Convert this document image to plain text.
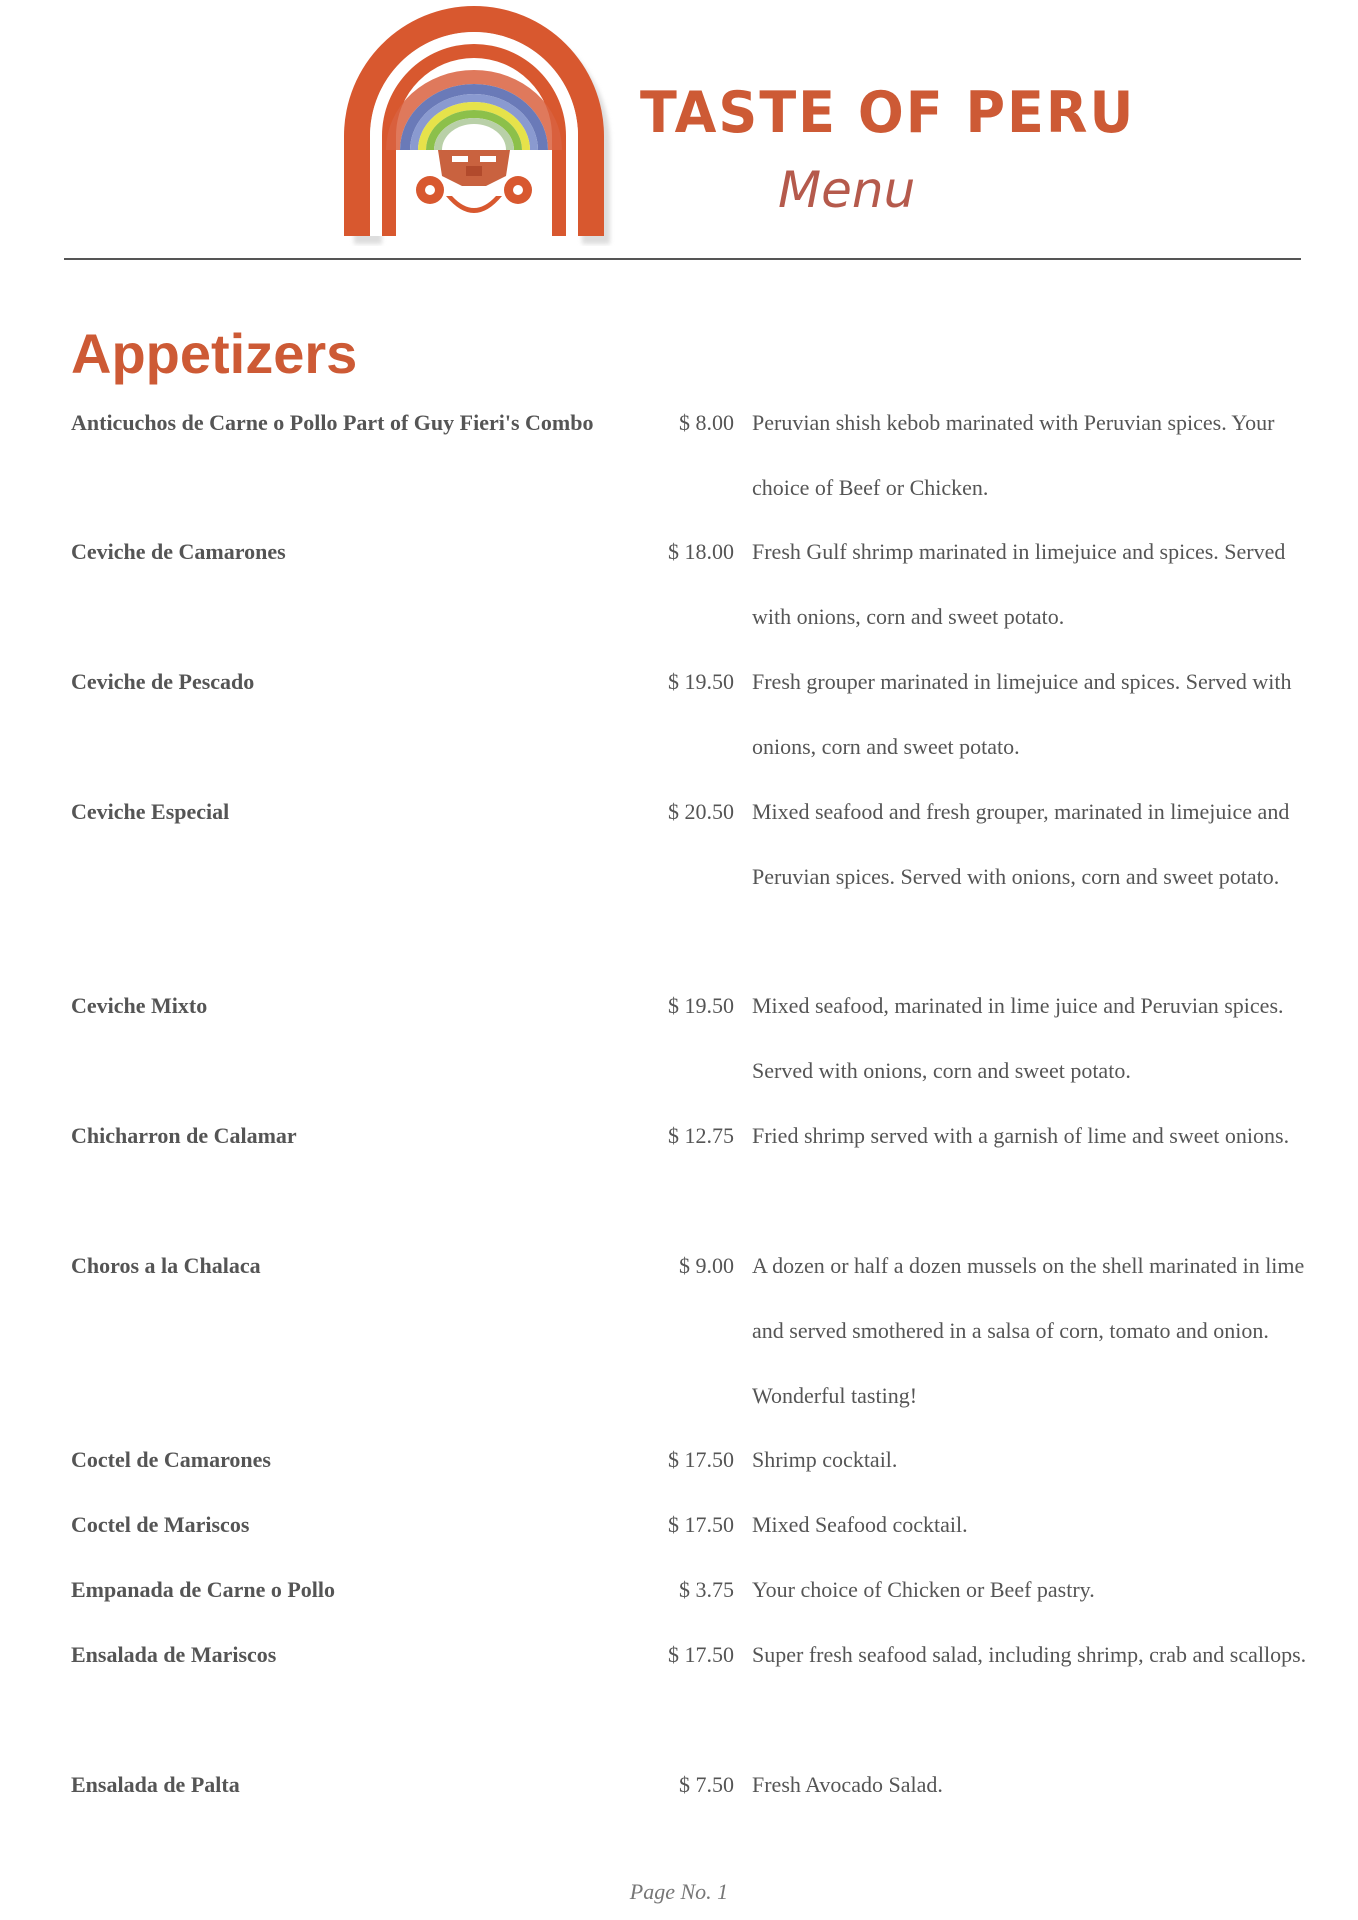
TASTE OF PERU
Menu
Appetizers
Anticuchos de Carne o Pollo Part of Guy Fieri's Combo	$ 8.00 Peruvian shish kebob marinated with Peruvian spices. Your choice of Beef or Chicken.
Ceviche de Camarones	$ 18.00 Fresh Gulf shrimp marinated in limejuice and spices. Served with onions, corn and sweet potato.
Ceviche de Pescado	$ 19.50 Fresh grouper marinated in limejuice and spices. Served with onions, corn and sweet potato.
Ceviche Especial	$ 20.50 Mixed seafood and fresh grouper, marinated in limejuice and Peruvian spices. Served with onions, corn and sweet potato.
Ceviche Mixto	$ 19.50 Mixed seafood, marinated in lime juice and Peruvian spices. Served with onions, corn and sweet potato.
Chicharron de Calamar	$ 12.75 Fried shrimp served with a garnish of lime and sweet onions.
Choros a la Chalaca	$ 9.00 A dozen or half a dozen mussels on the shell marinated in lime and served smothered in a salsa of corn, tomato and onion. Wonderful tasting!
Coctel de Camarones	$ 17.50 Shrimp cocktail.
Coctel de Mariscos	$ 17.50 Mixed Seafood cocktail.
Empanada de Carne o Pollo	$ 3.75 Your choice of Chicken or Beef pastry.
Ensalada de Mariscos	$ 17.50 Super fresh seafood salad, including shrimp, crab and scallops.
Ensalada de Palta	$ 7.50 Fresh Avocado Salad.
Page No. 1
